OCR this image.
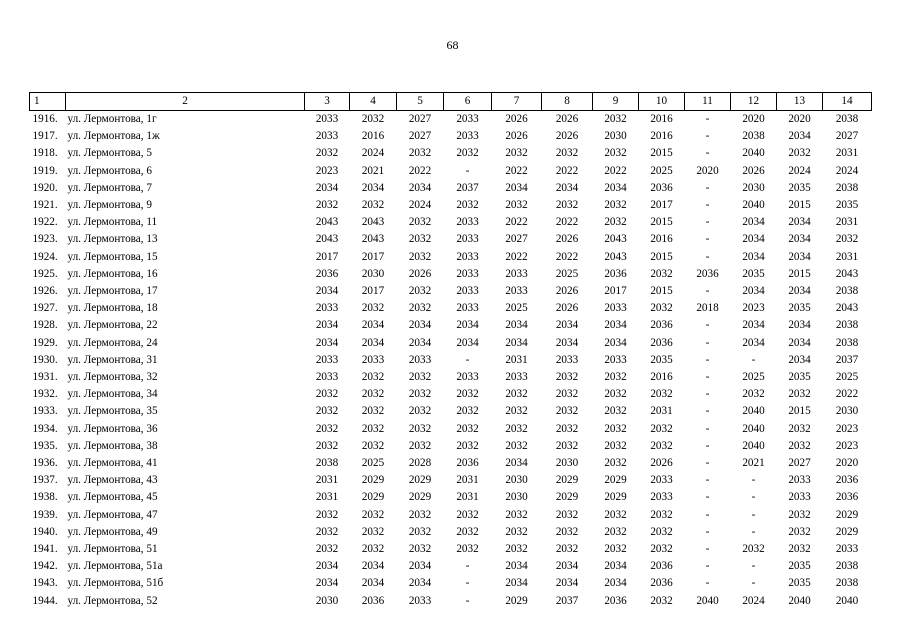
68
1	2	3	4	5	6	7	8	9	10	11	12	13	14
1916.	ул. Лермонтова, 1г	2033	2032	2027	2033	2026	2026	2032	2016	-	2020	2020	2038
1917.	ул. Лермонтова, 1ж	2033	2016	2027	2033	2026	2026	2030	2016	-	2038	2034	2027
1918.	ул. Лермонтова, 5	2032	2024	2032	2032	2032	2032	2032	2015	-	2040	2032	2031
1919.	ул. Лермонтова, 6	2023	2021	2022	-	2022	2022	2022	2025	2020	2026	2024	2024
1920.	ул. Лермонтова, 7	2034	2034	2034	2037	2034	2034	2034	2036	-	2030	2035	2038
1921.	ул. Лермонтова, 9	2032	2032	2024	2032	2032	2032	2032	2017	-	2040	2015	2035
1922.	ул. Лермонтова, 11	2043	2043	2032	2033	2022	2022	2032	2015	-	2034	2034	2031
1923.	ул. Лермонтова, 13	2043	2043	2032	2033	2027	2026	2043	2016	-	2034	2034	2032
1924.	ул. Лермонтова, 15	2017	2017	2032	2033	2022	2022	2043	2015	-	2034	2034	2031
1925.	ул. Лермонтова, 16	2036	2030	2026	2033	2033	2025	2036	2032	2036	2035	2015	2043
1926.	ул. Лермонтова, 17	2034	2017	2032	2033	2033	2026	2017	2015	-	2034	2034	2038
1927.	ул. Лермонтова, 18	2033	2032	2032	2033	2025	2026	2033	2032	2018	2023	2035	2043
1928.	ул. Лермонтова, 22	2034	2034	2034	2034	2034	2034	2034	2036	-	2034	2034	2038
1929.	ул. Лермонтова, 24	2034	2034	2034	2034	2034	2034	2034	2036	-	2034	2034	2038
1930.	ул. Лермонтова, 31	2033	2033	2033	-	2031	2033	2033	2035	-	-	2034	2037
1931.	ул. Лермонтова, 32	2033	2032	2032	2033	2033	2032	2032	2016	-	2025	2035	2025
1932.	ул. Лермонтова, 34	2032	2032	2032	2032	2032	2032	2032	2032	-	2032	2032	2022
1933.	ул. Лермонтова, 35	2032	2032	2032	2032	2032	2032	2032	2031	-	2040	2015	2030
1934.	ул. Лермонтова, 36	2032	2032	2032	2032	2032	2032	2032	2032	-	2040	2032	2023
1935.	ул. Лермонтова, 38	2032	2032	2032	2032	2032	2032	2032	2032	-	2040	2032	2023
1936.	ул. Лермонтова, 41	2038	2025	2028	2036	2034	2030	2032	2026	-	2021	2027	2020
1937.	ул. Лермонтова, 43	2031	2029	2029	2031	2030	2029	2029	2033	-	-	2033	2036
1938.	ул. Лермонтова, 45	2031	2029	2029	2031	2030	2029	2029	2033	-	-	2033	2036
1939.	ул. Лермонтова, 47	2032	2032	2032	2032	2032	2032	2032	2032	-	-	2032	2029
1940.	ул. Лермонтова, 49	2032	2032	2032	2032	2032	2032	2032	2032	-	-	2032	2029
1941.	ул. Лермонтова, 51	2032	2032	2032	2032	2032	2032	2032	2032	-	2032	2032	2033
1942.	ул. Лермонтова, 51а	2034	2034	2034	-	2034	2034	2034	2036	-	-	2035	2038
1943.	ул. Лермонтова, 51б	2034	2034	2034	-	2034	2034	2034	2036	-	-	2035	2038
1944.	ул. Лермонтова, 52	2030	2036	2033	-	2029	2037	2036	2032	2040	2024	2040	2040
